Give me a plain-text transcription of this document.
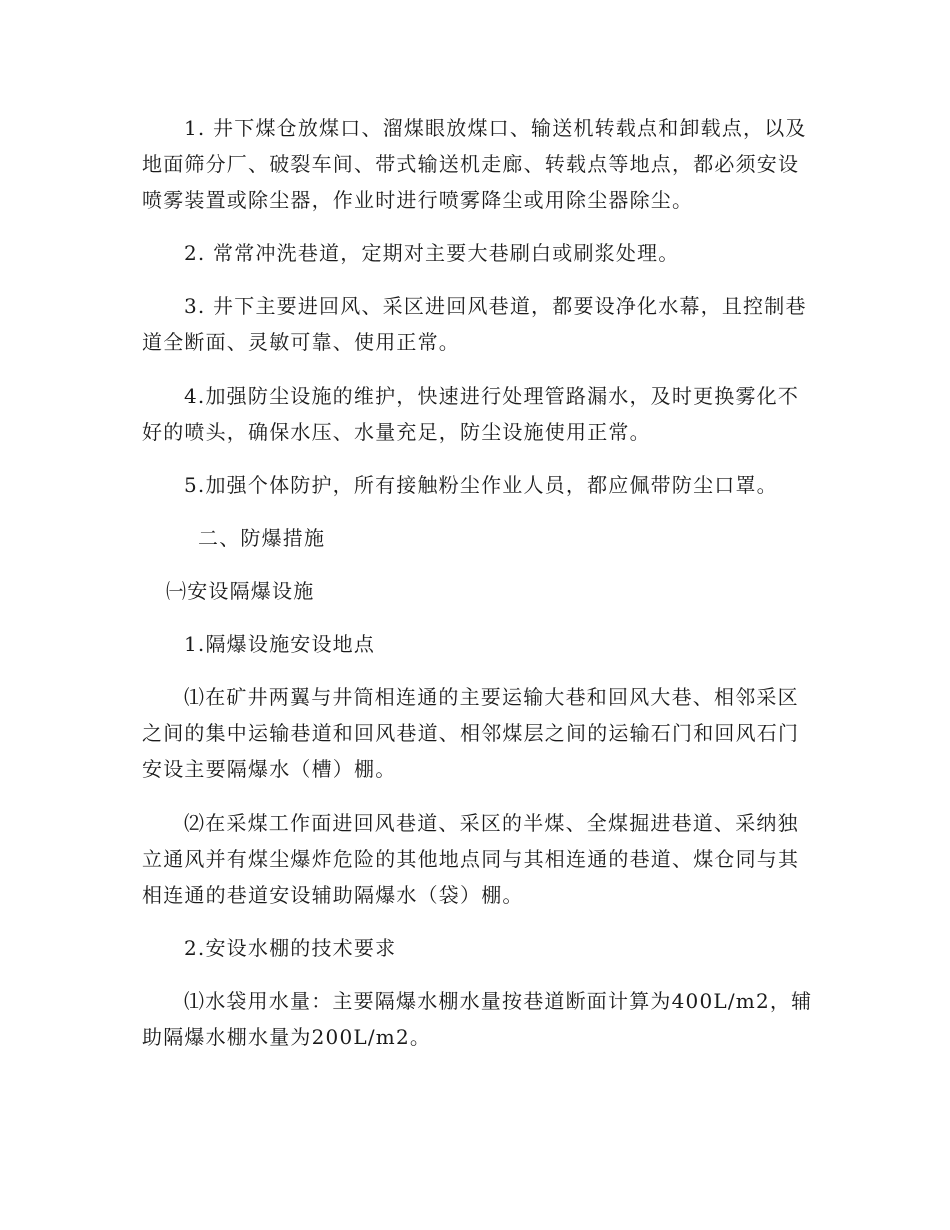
1. 井下煤仓放煤口、溜煤眼放煤口、输送机转载点和卸载点，以及地面筛分厂、破裂车间、带式输送机走廊、转载点等地点，都必须安设喷雾装置或除尘器，作业时进行喷雾降尘或用除尘器除尘。

2. 常常冲洗巷道，定期对主要大巷刷白或刷浆处理。

3. 井下主要进回风、采区进回风巷道，都要设净化水幕，且控制巷道全断面、灵敏可靠、使用正常。

4.加强防尘设施的维护，快速进行处理管路漏水，及时更换雾化不好的喷头，确保水压、水量充足，防尘设施使用正常。

5.加强个体防护，所有接触粉尘作业人员，都应佩带防尘口罩。

二、防爆措施

㈠安设隔爆设施

1.隔爆设施安设地点

⑴在矿井两翼与井筒相连通的主要运输大巷和回风大巷、相邻采区之间的集中运输巷道和回风巷道、相邻煤层之间的运输石门和回风石门安设主要隔爆水（槽）棚。

⑵在采煤工作面进回风巷道、采区的半煤、全煤掘进巷道、采纳独立通风并有煤尘爆炸危险的其他地点同与其相连通的巷道、煤仓同与其相连通的巷道安设辅助隔爆水（袋）棚。

2.安设水棚的技术要求

⑴水袋用水量：主要隔爆水棚水量按巷道断面计算为400L/m2，辅助隔爆水棚水量为200L/m2。
